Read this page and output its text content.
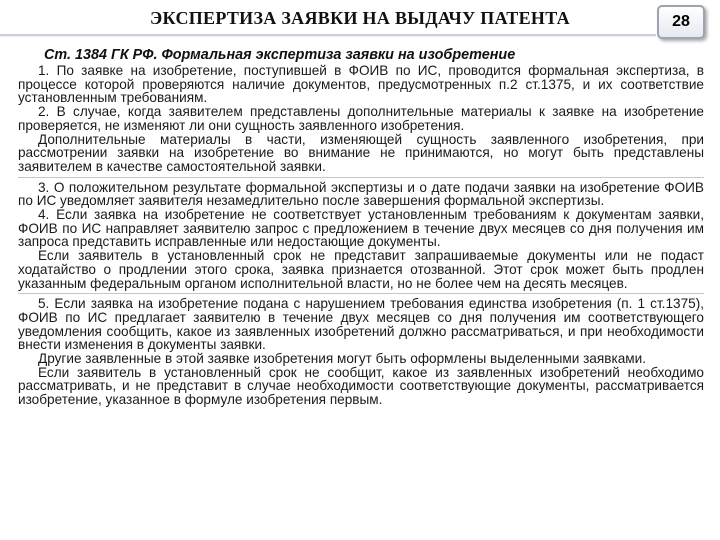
ЭКСПЕРТИЗА ЗАЯВКИ НА ВЫДАЧУ ПАТЕНТА	28
Ст. 1384 ГК РФ. Формальная экспертиза заявки на изобретение

1. По заявке на изобретение, поступившей в ФОИВ по ИС, проводится формальная экспертиза, в процессе которой проверяются наличие документов, предусмотренных п.2 ст.1375, и их соответствие установленным требованиям.

2. В случае, когда заявителем представлены дополнительные материалы к заявке на изобретение проверяется, не изменяют ли они сущность заявленного изобретения.

Дополнительные материалы в части, изменяющей сущность заявленного изобретения, при рассмотрении заявки на изобретение во внимание не принимаются, но могут быть представлены заявителем в качестве самостоятельной заявки.

3. О положительном результате формальной экспертизы и о дате подачи заявки на изобретение ФОИВ по ИС уведомляет заявителя незамедлительно после завершения формальной экспертизы.

4. Если заявка на изобретение не соответствует установленным требованиям к документам заявки, ФОИВ по ИС направляет заявителю запрос с предложением в течение двух месяцев со дня получения им запроса представить исправленные или недостающие документы.

Если заявитель в установленный срок не представит запрашиваемые документы или не подаст ходатайство о продлении этого срока, заявка признается отозванной. Этот срок может быть продлен указанным федеральным органом исполнительной власти, но не более чем на десять месяцев.

5. Если заявка на изобретение подана с нарушением требования единства изобретения (п. 1 ст.1375), ФОИВ по ИС предлагает заявителю в течение двух месяцев со дня получения им соответствующего уведомления сообщить, какое из заявленных изобретений должно рассматриваться, и при необходимости внести изменения в документы заявки.

Другие заявленные в этой заявке изобретения могут быть оформлены выделенными заявками.

Если заявитель в установленный срок не сообщит, какое из заявленных изобретений необходимо рассматривать, и не представит в случае необходимости соответствующие документы, рассматривается изобретение, указанное в формуле изобретения первым.
